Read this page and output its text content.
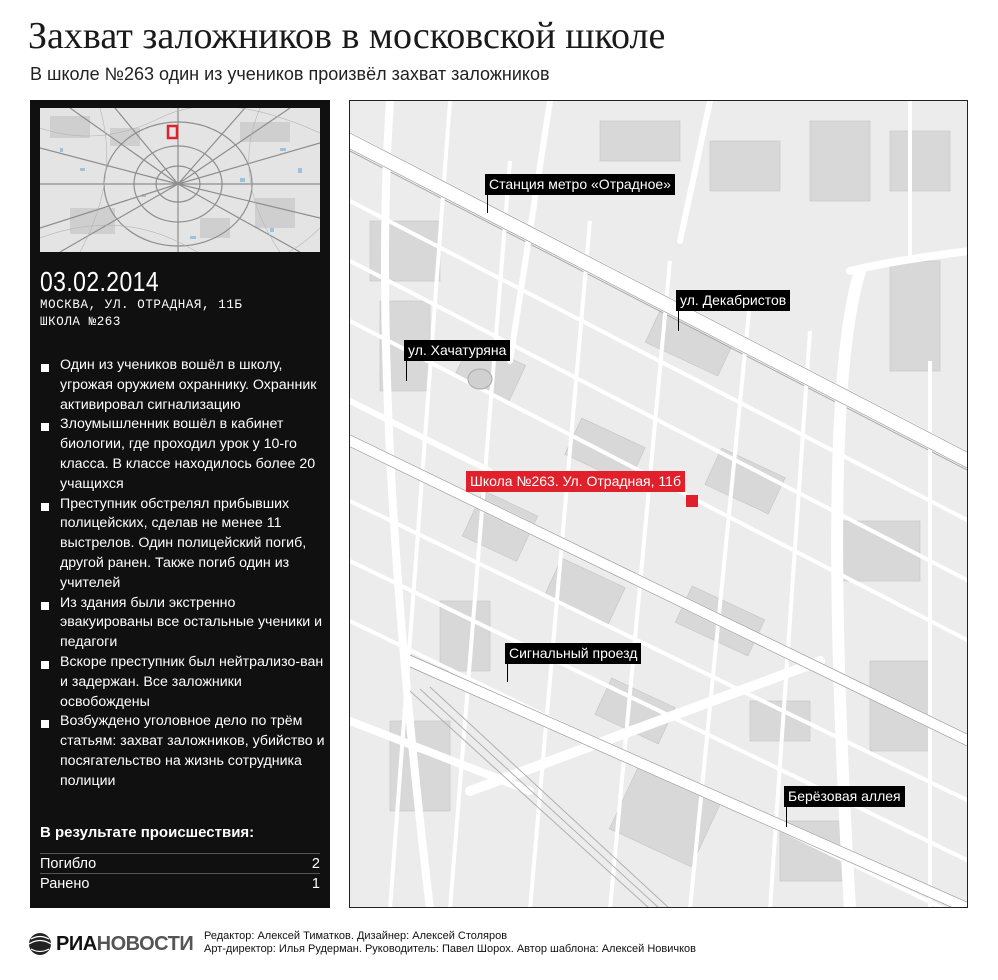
Захват заложников в московской школе
В школе №263 один из учеников произвёл захват заложников
03.02.2014
МОСКВА, УЛ. ОТРАДНАЯ, 11Б
ШКОЛА №263
Один из учеников вошёл в школу, угрожая оружием охраннику. Охранник активировал сигнализацию
Злоумышленник вошёл в кабинет биологии, где проходил урок у 10-го класса. В классе находилось более 20 учащихся
Преступник обстрелял прибывших полицейских, сделав не менее 11 выстрелов. Один полицейский погиб, другой ранен. Также погиб один из учителей
Из здания были экстренно эвакуированы все остальные ученики и педагоги
Вскоре преступник был нейтрализо-ван и задержан. Все заложники освобождены
Возбуждено уголовное дело по трём статьям: захват заложников, убийство и посягательство на жизнь сотрудника полиции
В результате происшествия:
Погибло	2
Ранено	1
Станция метро «Отрадное»
ул. Декабристов
ул. Хачатуряна
Школа №263. Ул. Отрадная, 11б
Сигнальный проезд
Берёзовая аллея
РИАНОВОСТИ Редактор: Алексей Тиматков. Дизайнер: Алексей Столяров
Арт-директор: Илья Рудерман. Руководитель: Павел Шорох. Автор шаблона: Алексей Новичков
